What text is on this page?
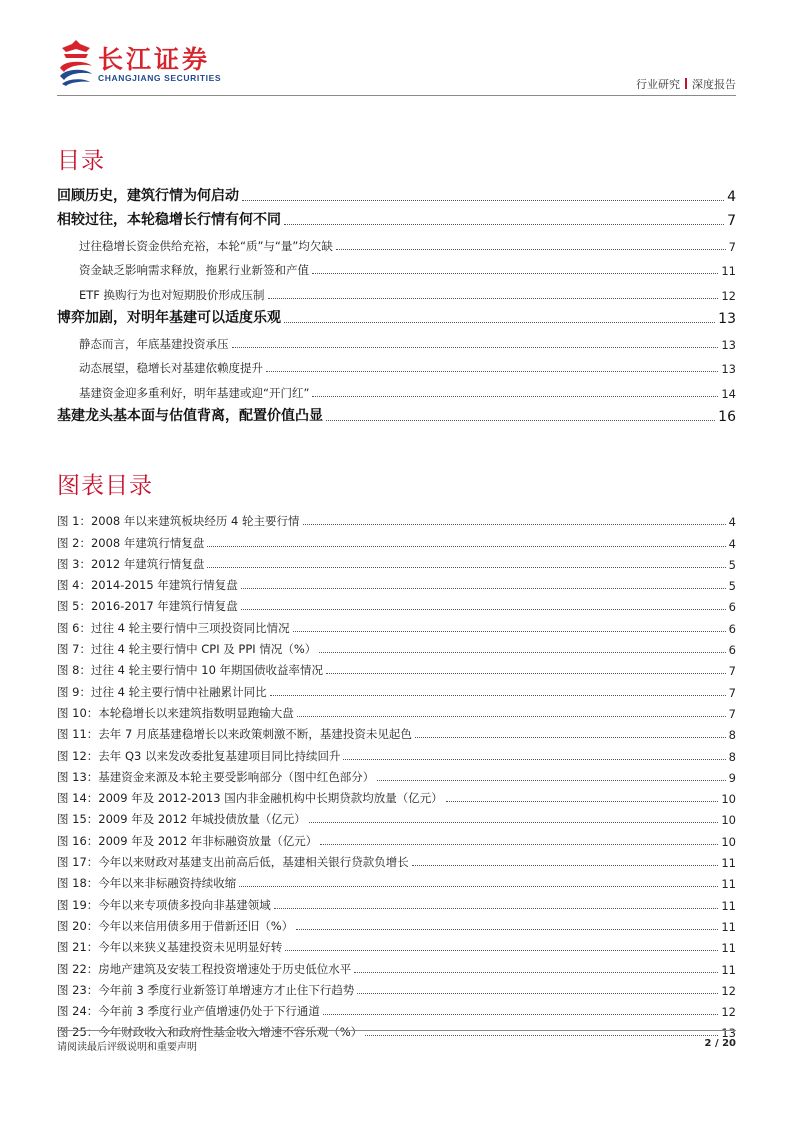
长江证券
CHANGJIANG SECURITIES	行业研究 深度报告
目录
回顾历史，建筑行情为何启动	4
相较过往，本轮稳增长行情有何不同	7
过往稳增长资金供给充裕，本轮“质”与“量”均欠缺	7
资金缺乏影响需求释放，拖累行业新签和产值	11
ETF 换购行为也对短期股价形成压制	12
博弈加剧，对明年基建可以适度乐观	13
静态而言，年底基建投资承压	13
动态展望，稳增长对基建依赖度提升	13
基建资金迎多重利好，明年基建或迎“开门红”	14
基建龙头基本面与估值背离，配置价值凸显	16
图表目录
图 1：2008 年以来建筑板块经历 4 轮主要行情	4
图 2：2008 年建筑行情复盘	4
图 3：2012 年建筑行情复盘	5
图 4：2014-2015 年建筑行情复盘	5
图 5：2016-2017 年建筑行情复盘	6
图 6：过往 4 轮主要行情中三项投资同比情况	6
图 7：过往 4 轮主要行情中 CPI 及 PPI 情况（%）	6
图 8：过往 4 轮主要行情中 10 年期国债收益率情况	7
图 9：过往 4 轮主要行情中社融累计同比	7
图 10：本轮稳增长以来建筑指数明显跑输大盘	7
图 11：去年 7 月底基建稳增长以来政策刺激不断，基建投资未见起色	8
图 12：去年 Q3 以来发改委批复基建项目同比持续回升	8
图 13：基建资金来源及本轮主要受影响部分（图中红色部分）	9
图 14：2009 年及 2012-2013 国内非金融机构中长期贷款均放量（亿元）	10
图 15：2009 年及 2012 年城投债放量（亿元）	10
图 16：2009 年及 2012 年非标融资放量（亿元）	10
图 17：今年以来财政对基建支出前高后低，基建相关银行贷款负增长	11
图 18：今年以来非标融资持续收缩	11
图 19：今年以来专项债多投向非基建领域	11
图 20：今年以来信用债多用于借新还旧（%）	11
图 21：今年以来狭义基建投资未见明显好转	11
图 22：房地产建筑及安装工程投资增速处于历史低位水平	11
图 23：今年前 3 季度行业新签订单增速方才止住下行趋势	12
图 24：今年前 3 季度行业产值增速仍处于下行通道	12
图 25：今年财政收入和政府性基金收入增速不容乐观（%）	13
请阅读最后评级说明和重要声明	2 / 20
